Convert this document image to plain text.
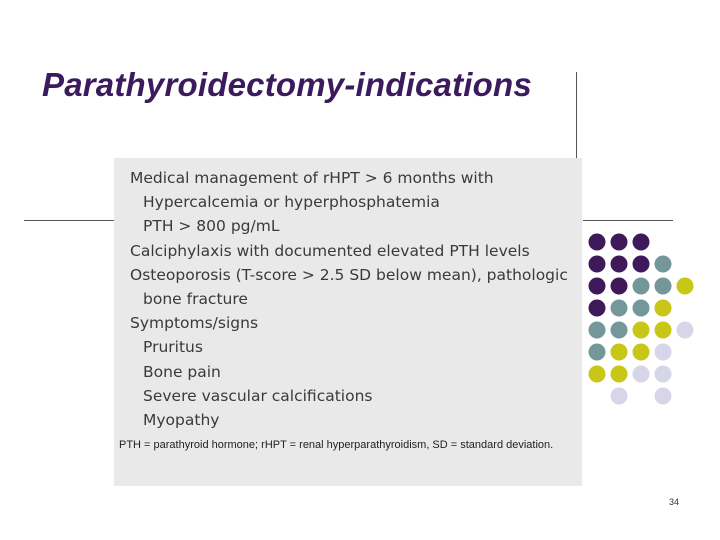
Parathyroidectomy-indications
Medical management of rHPT > 6 months with
Hypercalcemia or hyperphosphatemia
PTH > 800 pg/mL
Calciphylaxis with documented elevated PTH levels
Osteoporosis (T-score > 2.5 SD below mean), pathologic
bone fracture
Symptoms/signs
Pruritus
Bone pain
Severe vascular calcifications
Myopathy
PTH = parathyroid hormone; rHPT = renal hyperparathyroidism, SD = standard deviation.
34
